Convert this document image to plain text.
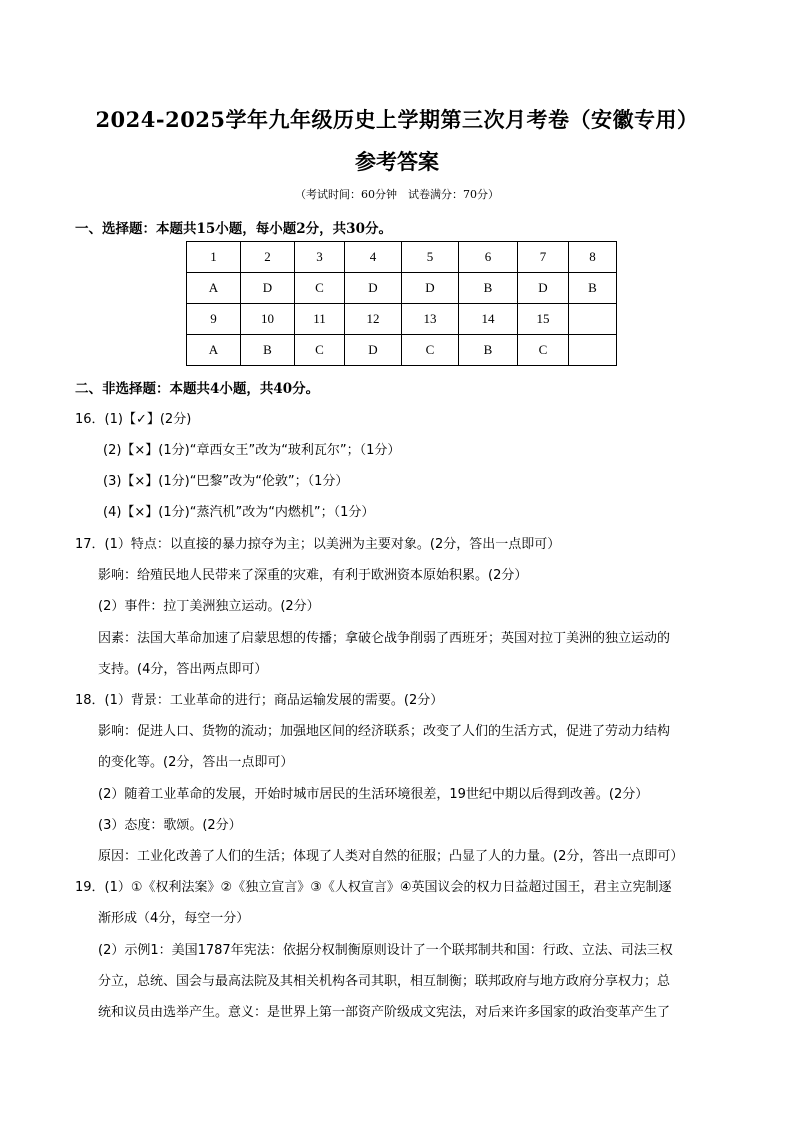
2024-2025学年九年级历史上学期第三次月考卷（安徽专用）
参考答案
（考试时间：60分钟　试卷满分：70分）
一、选择题：本题共15小题，每小题2分，共30分。
1	2	3	4	5	6	7	8
A	D	C	D	D	B	D	B
9	10	11	12	13	14	15	
A	B	C	D	C	B	C	
二、非选择题：本题共4小题，共40分。
16．(1)【✓】(2分)
(2)【×】(1分)“章西女王”改为“玻利瓦尔”；（1分）
(3)【×】(1分)“巴黎”改为“伦敦”；（1分）
(4)【×】(1分)“蒸汽机”改为“内燃机”；（1分）
17．(1）特点：以直接的暴力掠夺为主；以美洲为主要对象。(2分，答出一点即可）
影响：给殖民地人民带来了深重的灾难，有利于欧洲资本原始积累。(2分）
(2）事件：拉丁美洲独立运动。(2分）
因素：法国大革命加速了启蒙思想的传播；拿破仑战争削弱了西班牙；英国对拉丁美洲的独立运动的
支持。(4分，答出两点即可）
18．(1）背景：工业革命的进行；商品运输发展的需要。(2分）
影响：促进人口、货物的流动；加强地区间的经济联系；改变了人们的生活方式，促进了劳动力结构
的变化等。(2分，答出一点即可）
(2）随着工业革命的发展，开始时城市居民的生活环境很差，19世纪中期以后得到改善。(2分）
(3）态度：歌颂。(2分）
原因：工业化改善了人们的生活；体现了人类对自然的征服；凸显了人的力量。(2分，答出一点即可）
19．(1）①《权利法案》②《独立宣言》③《人权宣言》④英国议会的权力日益超过国王，君主立宪制逐
渐形成（4分，每空一分）
(2）示例1：美国1787年宪法：依据分权制衡原则设计了一个联邦制共和国：行政、立法、司法三权
分立，总统、国会与最高法院及其相关机构各司其职，相互制衡；联邦政府与地方政府分享权力；总
统和议员由选举产生。意义：是世界上第一部资产阶级成文宪法，对后来许多国家的政治变革产生了
